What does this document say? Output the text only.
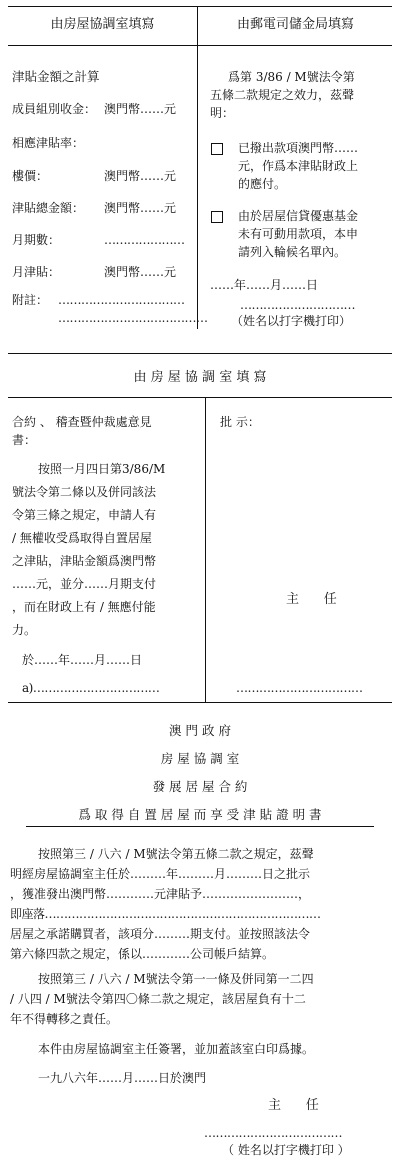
由房屋協調室填寫	由郵電司儲金局填寫
津貼金額之計算
成員組別收金： 澳門幣……元
相應津貼率：
樓價：	澳門幣……元
津貼總金額： 澳門幣……元
月期數：	…………………
月津貼：	澳門幣……元
附註： ……………………………
…………………………………
爲第 3/86 / M號法令第
五條二款規定之效力，茲聲
明：
已撥出款項澳門幣……
元，作爲本津貼財政上
的應付。
由於居屋信貸優惠基金
未有可動用款項，本申
請列入輪候名單內。
……年……月……日
…………………………
（姓名以打字機打印）
由 房 屋 協 調 室 填 寫
合約 、 稽查暨仲裁處意見
書：
按照一月四日第3/86/M
號法令第二條以及併同該法
令第三條之規定，申請人有
/ 無權收受爲取得自置居屋
之津貼，津貼金額爲澳門幣
……元，並分……月期支付
，而在財政上有 / 無應付能
力。
於……年……月……日
a)……………………………
批 示：
主      任
……………………………
澳 門 政 府
房 屋 協 調 室
發 展 居 屋 合 約
爲 取 得 自 置 居 屋 而 享 受 津 貼 證 明 書
按照第三 / 八六 / M號法令第五條二款之規定，茲聲
明經房屋協調室主任於………年………月………日之批示
，獲准發出澳門幣…………元津貼予……………………，
即座落………………………………………………………………
居屋之承諾購買者，該項分………期支付。並按照該法令
第六條四款之規定，係以…………公司帳戶結算。
按照第三 / 八六 / M號法令第一一條及併同第一二四
/ 八四 / M號法令第四〇條二款之規定，該居屋負有十二
年不得轉移之責任。
本件由房屋協調室主任簽署，並加蓋該室白印爲據。
一九八六年……月……日於澳門
主      任
………………………………
（ 姓名以打字機打印 ）
